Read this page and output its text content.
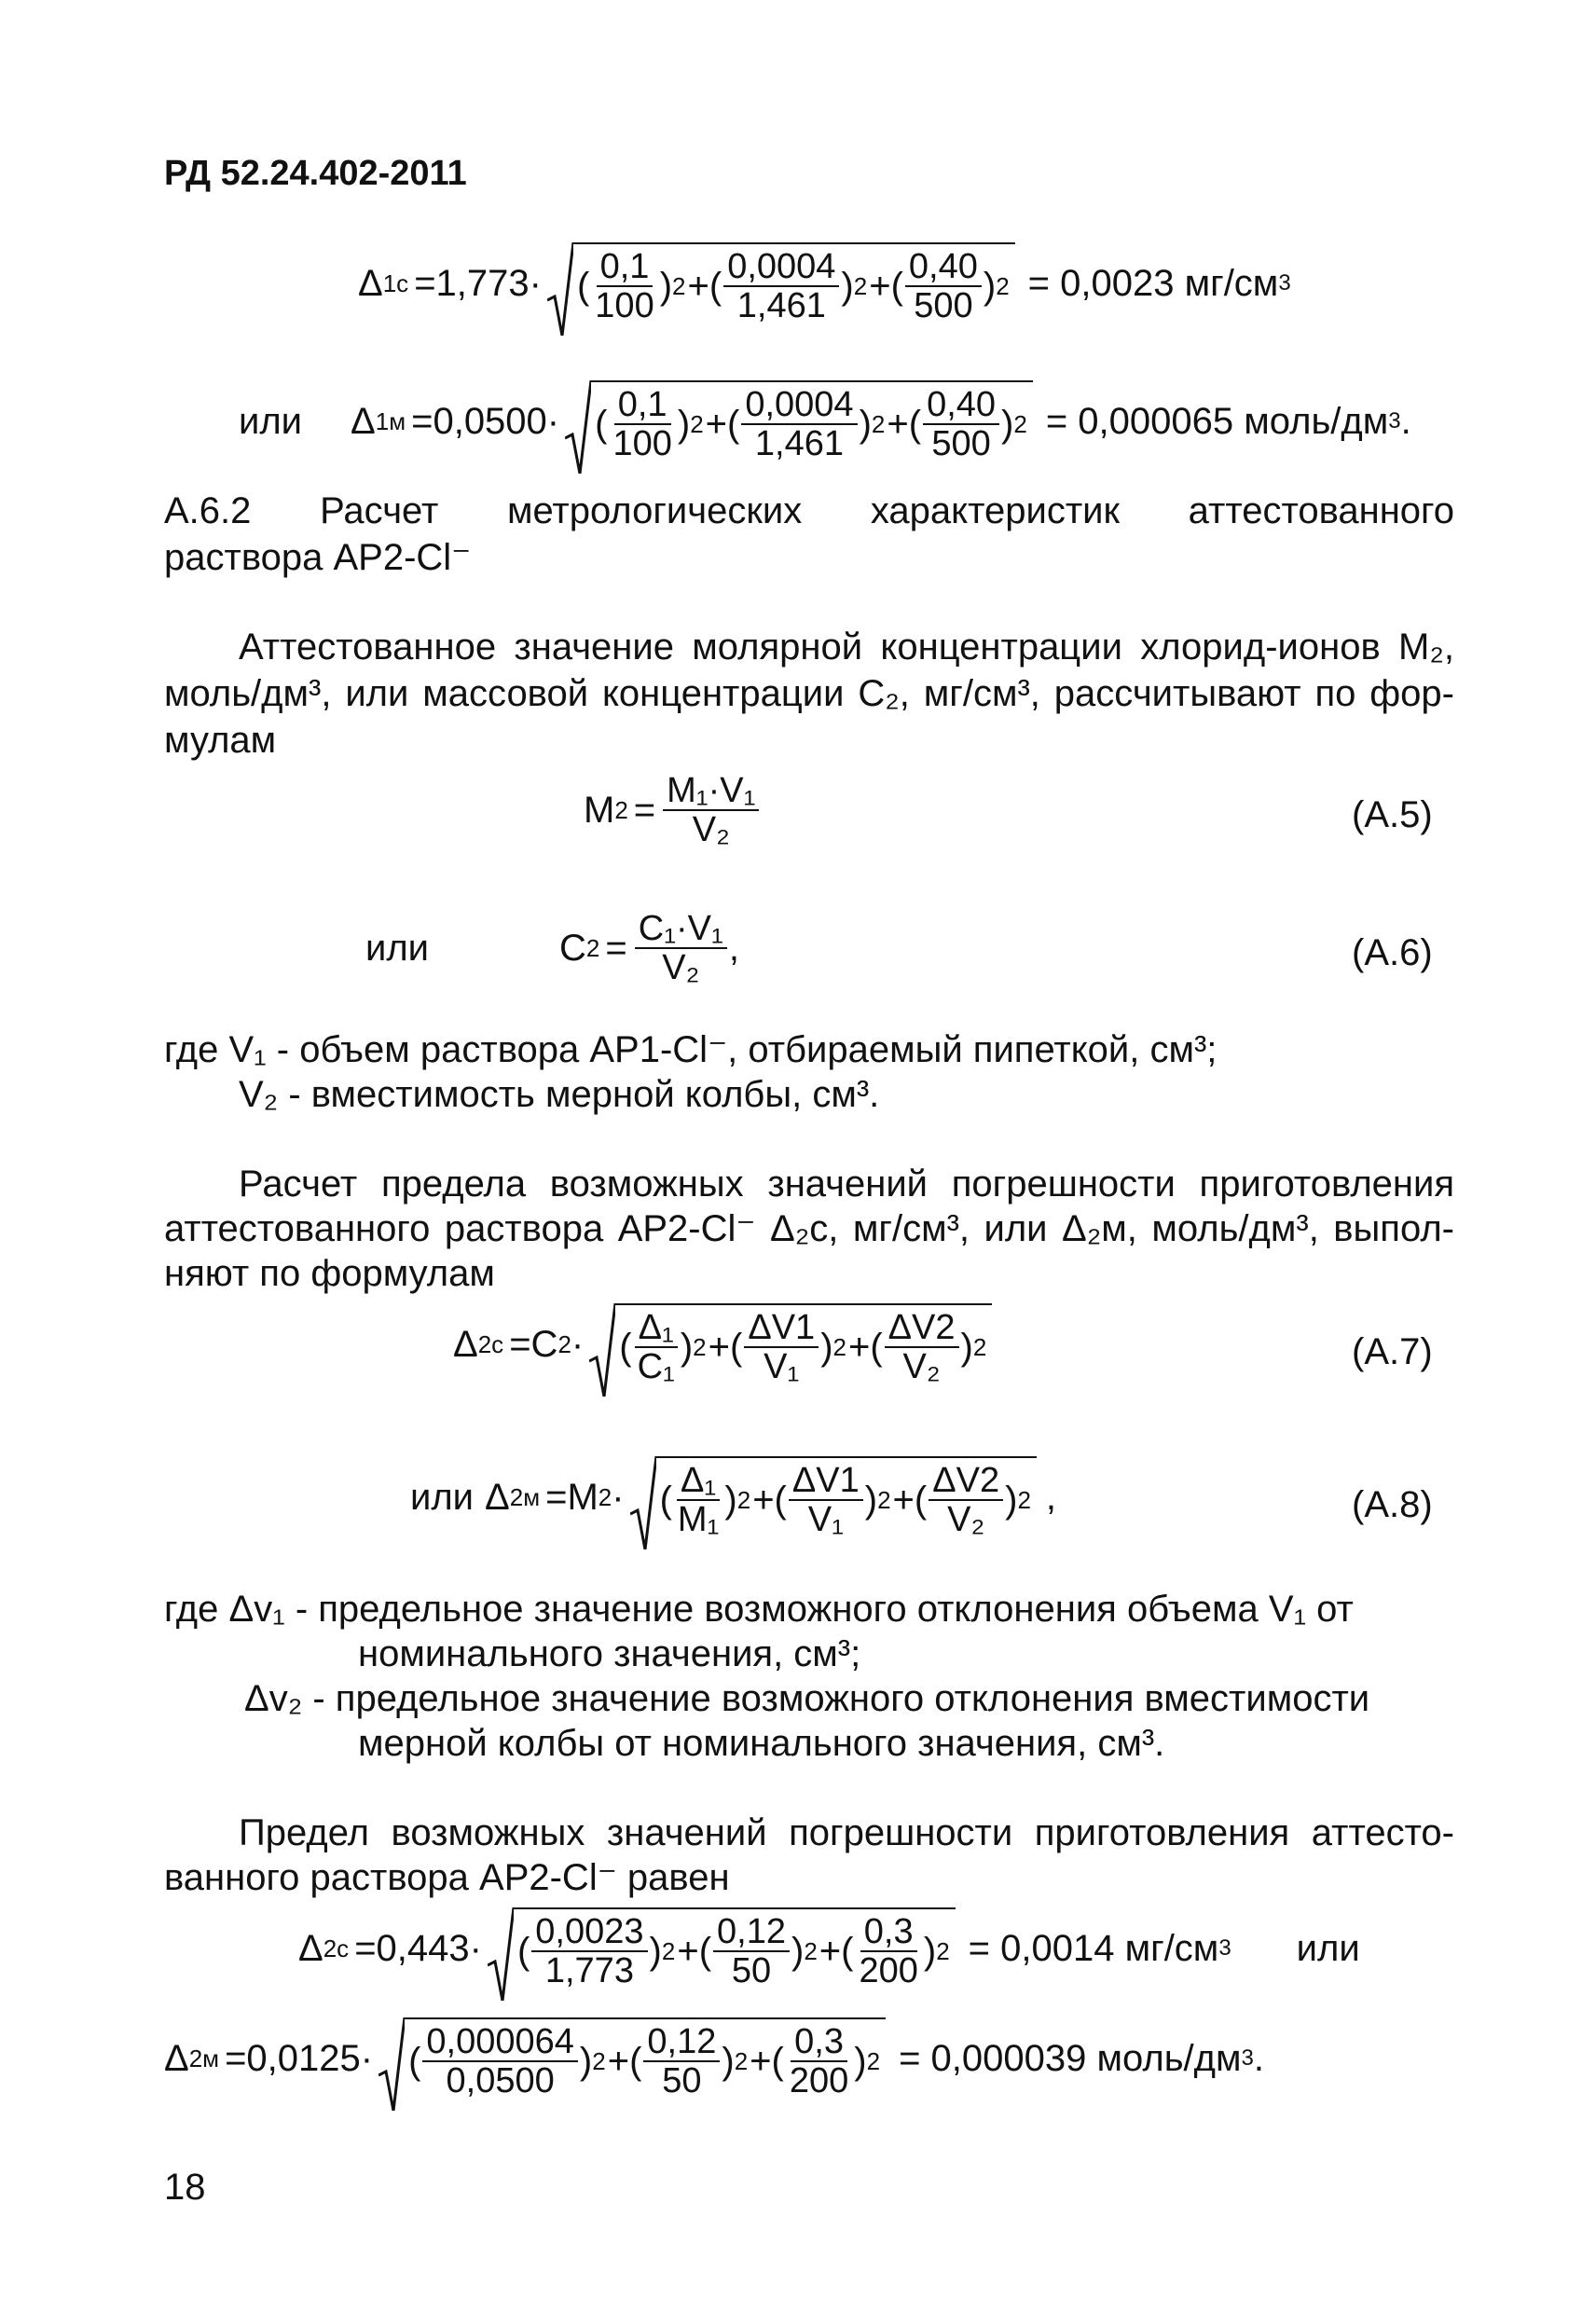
РД 52.24.402-2011
Δ 1с =1,773· ( $\frac{0,1}{100}$ ) 2 +( $\frac{0,0004}{1,461}$ ) 2 +( $\frac{0,40}{500}$ ) 2 = 0,0023 мг/см 3
или Δ 1м =0,0500· ( $\frac{0,1}{100}$ ) 2 +( $\frac{0,0004}{1,461}$ ) 2 +( $\frac{0,40}{500}$ ) 2 = 0,000065 моль/дм 3 .
А.6.2 Расчет метрологических характеристик аттестованного
раствора АР2-Сl⁻
Аттестованное значение молярной концентрации хлорид-ионов М₂,
моль/дм³, или массовой концентрации С₂, мг/см³, рассчитывают по фор-
мулам
M $2 = \frac{\text{M₁·V₁}}{\text{V₂}}$	(А.5)
или	C $2 = \frac{\text{C₁·V₁}}{\text{V₂}}$ ,	(А.6)
где V₁ - объем раствора АР1-Сl⁻, отбираемый пипеткой, см³;
V₂ - вместимость мерной колбы, см³.
Расчет предела возможных значений погрешности приготовления
аттестованного раствора АР2-Сl⁻ Δ₂с, мг/см³, или Δ₂м, моль/дм³, выпол-
няют по формулам
Δ 2с =C 2 · ( $\frac{\text{Δ₁}}{\text{C₁}}$ ) 2 +( $\frac{\Delta V1}{\text{V₁}}$ ) 2 +( $\frac{\Delta V2}{\text{V₂}}$ ) 2	(А.7)
или Δ 2м =M 2 · ( $\frac{\text{Δ₁}}{\text{M₁}}$ ) 2 +( $\frac{\Delta V1}{\text{V₁}}$ ) 2 +( $\frac{\Delta V2}{\text{V₂}}$ ) 2 ,	(А.8)
где Δv₁ - предельное значение возможного отклонения объема V₁ от
номинального значения, см³;
Δv₂ - предельное значение возможного отклонения вместимости
мерной колбы от номинального значения, см³.
Предел возможных значений погрешности приготовления аттесто-
ванного раствора АР2-Сl⁻ равен
Δ 2с =0,443· ( $\frac{0,0023}{1,773}$ ) 2 +( $\frac{0,12}{50}$ ) 2 +( $\frac{0,3}{200}$ ) 2 = 0,0014 мг/см 3 или
Δ 2м =0,0125· ( $\frac{0,000064}{0,0500}$ ) 2 +( $\frac{0,12}{50}$ ) 2 +( $\frac{0,3}{200}$ ) 2 = 0,000039 моль/дм 3 .
18
